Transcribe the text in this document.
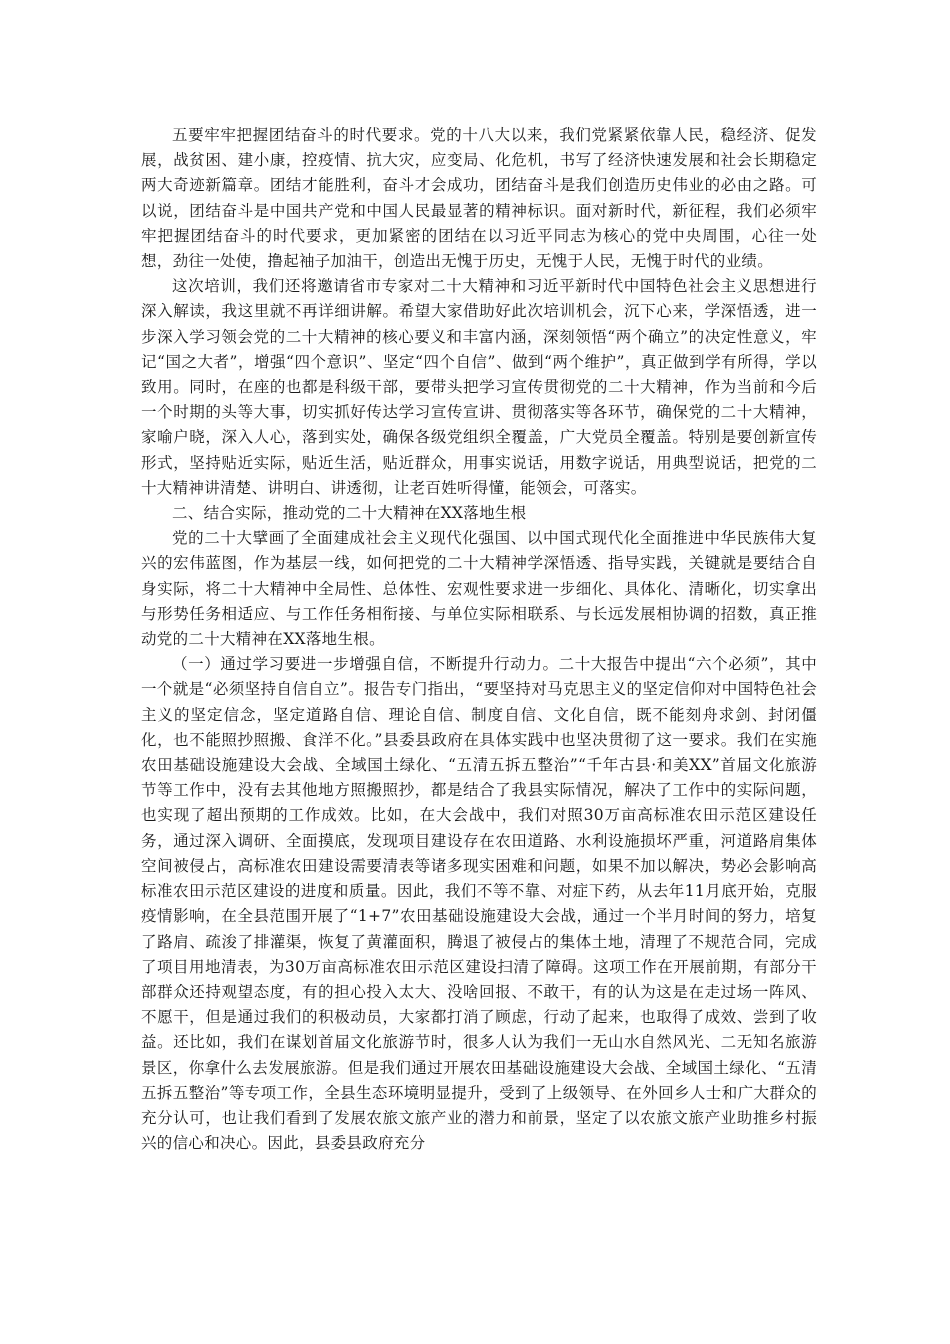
五要牢牢把握团结奋斗的时代要求。党的十八大以来，我们党紧紧依靠人民，稳经济、促发展，战贫困、建小康，控疫情、抗大灾，应变局、化危机，书写了经济快速发展和社会长期稳定两大奇迹新篇章。团结才能胜利，奋斗才会成功，团结奋斗是我们创造历史伟业的必由之路。可以说，团结奋斗是中国共产党和中国人民最显著的精神标识。面对新时代，新征程，我们必须牢牢把握团结奋斗的时代要求，更加紧密的团结在以习近平同志为核心的党中央周围，心往一处想，劲往一处使，撸起袖子加油干，创造出无愧于历史，无愧于人民，无愧于时代的业绩。

这次培训，我们还将邀请省市专家对二十大精神和习近平新时代中国特色社会主义思想进行深入解读，我这里就不再详细讲解。希望大家借助好此次培训机会，沉下心来，学深悟透，进一步深入学习领会党的二十大精神的核心要义和丰富内涵，深刻领悟“两个确立”的决定性意义，牢记“国之大者”，增强“四个意识”、坚定“四个自信”、做到“两个维护”，真正做到学有所得，学以致用。同时，在座的也都是科级干部，要带头把学习宣传贯彻党的二十大精神，作为当前和今后一个时期的头等大事，切实抓好传达学习宣传宣讲、贯彻落实等各环节，确保党的二十大精神，家喻户晓，深入人心，落到实处，确保各级党组织全覆盖，广大党员全覆盖。特别是要创新宣传形式，坚持贴近实际，贴近生活，贴近群众，用事实说话，用数字说话，用典型说话，把党的二十大精神讲清楚、讲明白、讲透彻，让老百姓听得懂，能领会，可落实。

二、结合实际，推动党的二十大精神在XX落地生根

党的二十大擘画了全面建成社会主义现代化强国、以中国式现代化全面推进中华民族伟大复兴的宏伟蓝图，作为基层一线，如何把党的二十大精神学深悟透、指导实践，关键就是要结合自身实际，将二十大精神中全局性、总体性、宏观性要求进一步细化、具体化、清晰化，切实拿出与形势任务相适应、与工作任务相衔接、与单位实际相联系、与长远发展相协调的招数，真正推动党的二十大精神在XX落地生根。

（一）通过学习要进一步增强自信，不断提升行动力。二十大报告中提出“六个必须”，其中一个就是“必须坚持自信自立”。报告专门指出，“要坚持对马克思主义的坚定信仰对中国特色社会主义的坚定信念，坚定道路自信、理论自信、制度自信、文化自信，既不能刻舟求剑、封闭僵化，也不能照抄照搬、食洋不化。”县委县政府在具体实践中也坚决贯彻了这一要求。我们在实施农田基础设施建设大会战、全域国土绿化、“五清五拆五整治”“千年古县·和美XX”首届文化旅游节等工作中，没有去其他地方照搬照抄，都是结合了我县实际情况，解决了工作中的实际问题，也实现了超出预期的工作成效。比如，在大会战中，我们对照30万亩高标准农田示范区建设任务，通过深入调研、全面摸底，发现项目建设存在农田道路、水利设施损坏严重，河道路肩集体空间被侵占，高标准农田建设需要清表等诸多现实困难和问题，如果不加以解决，势必会影响高标准农田示范区建设的进度和质量。因此，我们不等不靠、对症下药，从去年11月底开始，克服疫情影响，在全县范围开展了“1+7”农田基础设施建设大会战，通过一个半月时间的努力，培复了路肩、疏浚了排灌渠，恢复了黄灌面积，腾退了被侵占的集体土地，清理了不规范合同，完成了项目用地清表，为30万亩高标准农田示范区建设扫清了障碍。这项工作在开展前期，有部分干部群众还持观望态度，有的担心投入太大、没啥回报、不敢干，有的认为这是在走过场一阵风、不愿干，但是通过我们的积极动员，大家都打消了顾虑，行动了起来，也取得了成效、尝到了收益。还比如，我们在谋划首届文化旅游节时，很多人认为我们一无山水自然风光、二无知名旅游景区，你拿什么去发展旅游。但是我们通过开展农田基础设施建设大会战、全域国土绿化、“五清五拆五整治”等专项工作，全县生态环境明显提升，受到了上级领导、在外回乡人士和广大群众的充分认可，也让我们看到了发展农旅文旅产业的潜力和前景，坚定了以农旅文旅产业助推乡村振兴的信心和决心。因此，县委县政府充分
